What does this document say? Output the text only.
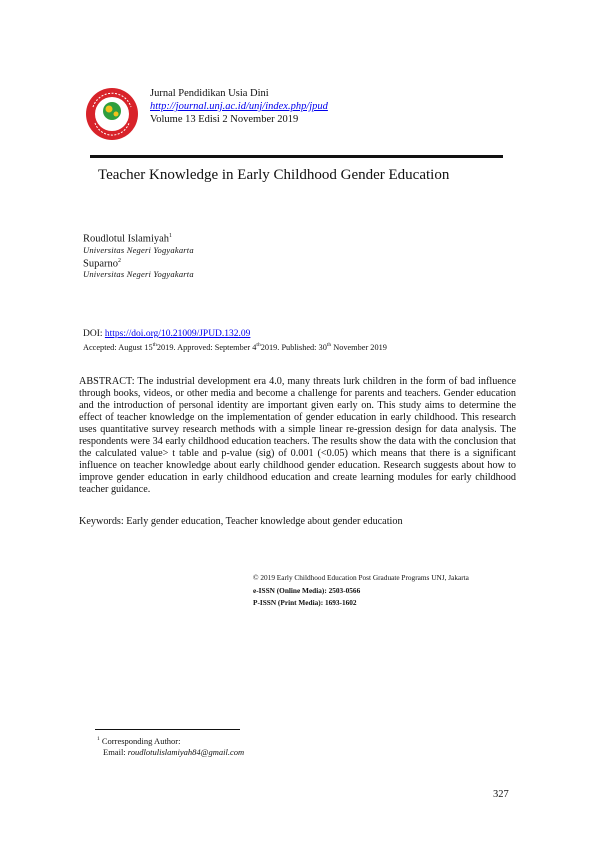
Jurnal Pendidikan Usia Dini
http://journal.unj.ac.id/unj/index.php/jpud
Volume 13 Edisi 2 November 2019
Teacher Knowledge in Early Childhood Gender Education
Roudlotul Islamiyah$^1$
Universitas Negeri Yogyakarta
Suparno$^2$
Universitas Negeri Yogyakarta
DOI: https://doi.org/10.21009/JPUD.132.09
Accepted: August 15th2019. Approved: September 4th2019. Published: 30th November 2019
ABSTRACT: The industrial development era 4.0, many threats lurk children in the form of bad influence through books, videos, or other media and become a challenge for parents and teachers. Gender education and the introduction of personal identity are important given early on. This study aims to determine the effect of teacher knowledge on the implementation of gender education in early childhood. This research uses quantitative survey research methods with a simple linear re-gression design for data analysis. The respondents were 34 early childhood education teachers. The results show the data with the conclusion that the calculated value> t table and p-value (sig) of 0.001 (<0.05) which means that there is a significant influence on teacher knowledge about early childhood gender education. Research suggests about how to improve gender education in early childhood education and create learning modules for early childhood teacher guidance.
Keywords: Early gender education, Teacher knowledge about gender education
© 2019 Early Childhood Education Post Graduate Programs UNJ, Jakarta
e-ISSN (Online Media): 2503-0566
P-ISSN (Print Media): 1693-1602
$^1$ Corresponding Author:
Email: roudlotulislamiyah84@gmail.com
327
